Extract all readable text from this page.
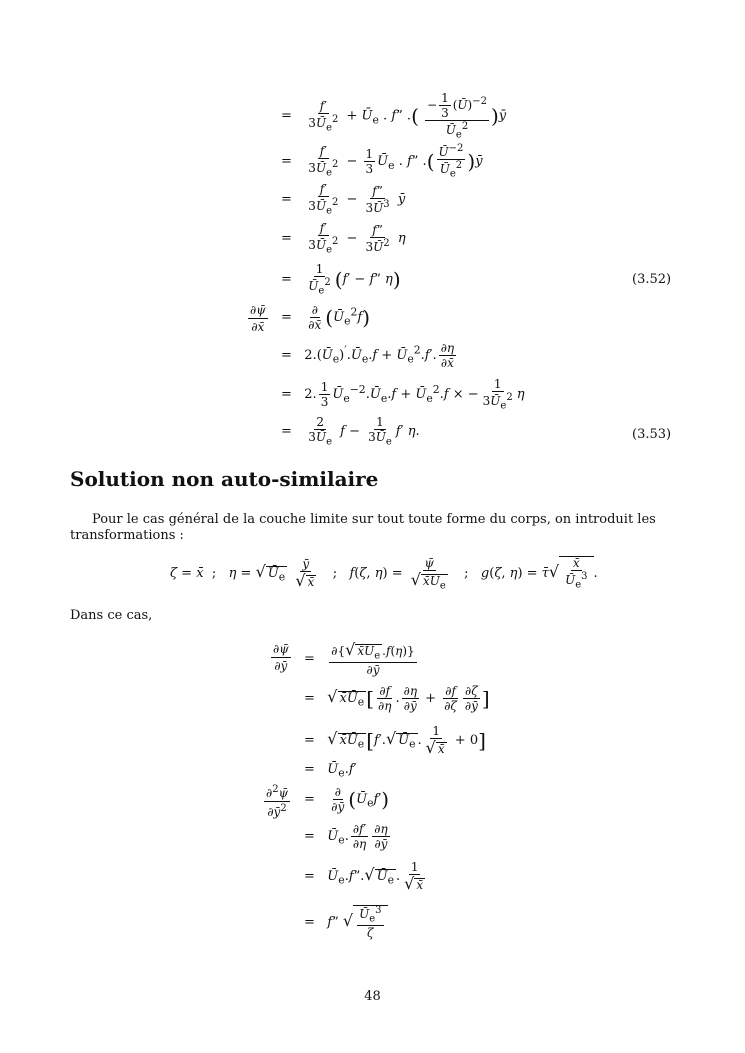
= $\frac{f'}{3Ū_e^2}$ + $Ū_e$ . f” .( $\frac{- \frac{1}{3} (Ū)^{-2}}{Ū_e^2}$ )ȳ
= $\frac{f'}{3Ū_e^2} - \frac{1}{3}$ $Ū_e$ . f” .( $\frac{Ū^{-2}}{Ū_e^2}$ )ȳ
= $\frac{f'}{3Ū_e^2} - \frac{f”}{3Ū^3}$ ȳ
= $\frac{f'}{3Ū_e^2} - \frac{f”}{3Ū^2}$ η
= $\frac{1}{Ū_e^2} (f' - f$” η)	(3.52)
$\frac{\partial\psī}{\partial x̄} = \frac{\partial}{\partial x̄}$ $(Ū_e^2f)$
=   $2.(Ū_e)'.Ū_e.f$ + $Ū_e^2.f'$. $\frac{\partial\eta}{\partial x̄}$
=   2. $\frac{1}{3}$ $Ū_e^{-2}.Ū_e.f$ + $Ū_e^2.f$ × − $\frac{1}{3Ū_e^2}$ η
= $\frac{2}{3Ū_e}$ $f - \frac{1}{3Ū_e} f'$ η.	(3.53)
Solution non auto-similaire
Pour le cas général de la couche limite sur tout toute forme du corps, on introduit les
transformations :
ζ = x̄  ;   η = √ $Ū_e \frac{ȳ}{√ x̄}$ ;   f(ζ, $\eta) = \frac{\psī}{√ x̄Ū_e}$ ;   g(ζ, η) = τ̄√ $\frac{x̄}{Ū_e^3}$ .
Dans ce cas,
$\frac{\partial\psī}{\partial ȳ} = \frac{\partial\{√ x̄Ū_e .f(\eta)\}}{\partial ȳ}$
=   √ $x̄Ū_e$ [ $\frac{\partial f}{\partial\eta}$ . $\frac{\partial\eta}{\partial ȳ} + \frac{\partial f}{\partial\zeta} \frac{\partial\zeta}{\partial ȳ}$ ]
=   √ $x̄Ū_e$ [f′.√ $Ū_e$ . $\frac{1}{√ x̄} + 0$]
=   $Ū_e.f'$
$\frac{\partial^2\psī}{\partial ȳ^2} = \frac{\partial}{\partial ȳ}$ $(Ū_ef')$
=   $Ū_e$. $\frac{\partial f'}{\partial\eta} \frac{\partial\eta}{\partial ȳ}$
=   $Ū_e.f”.√$ $Ū_e$ . $\frac{1}{√ x̄}$
=   f” √ $\frac{Ū_e^3}{\zeta}$
48
